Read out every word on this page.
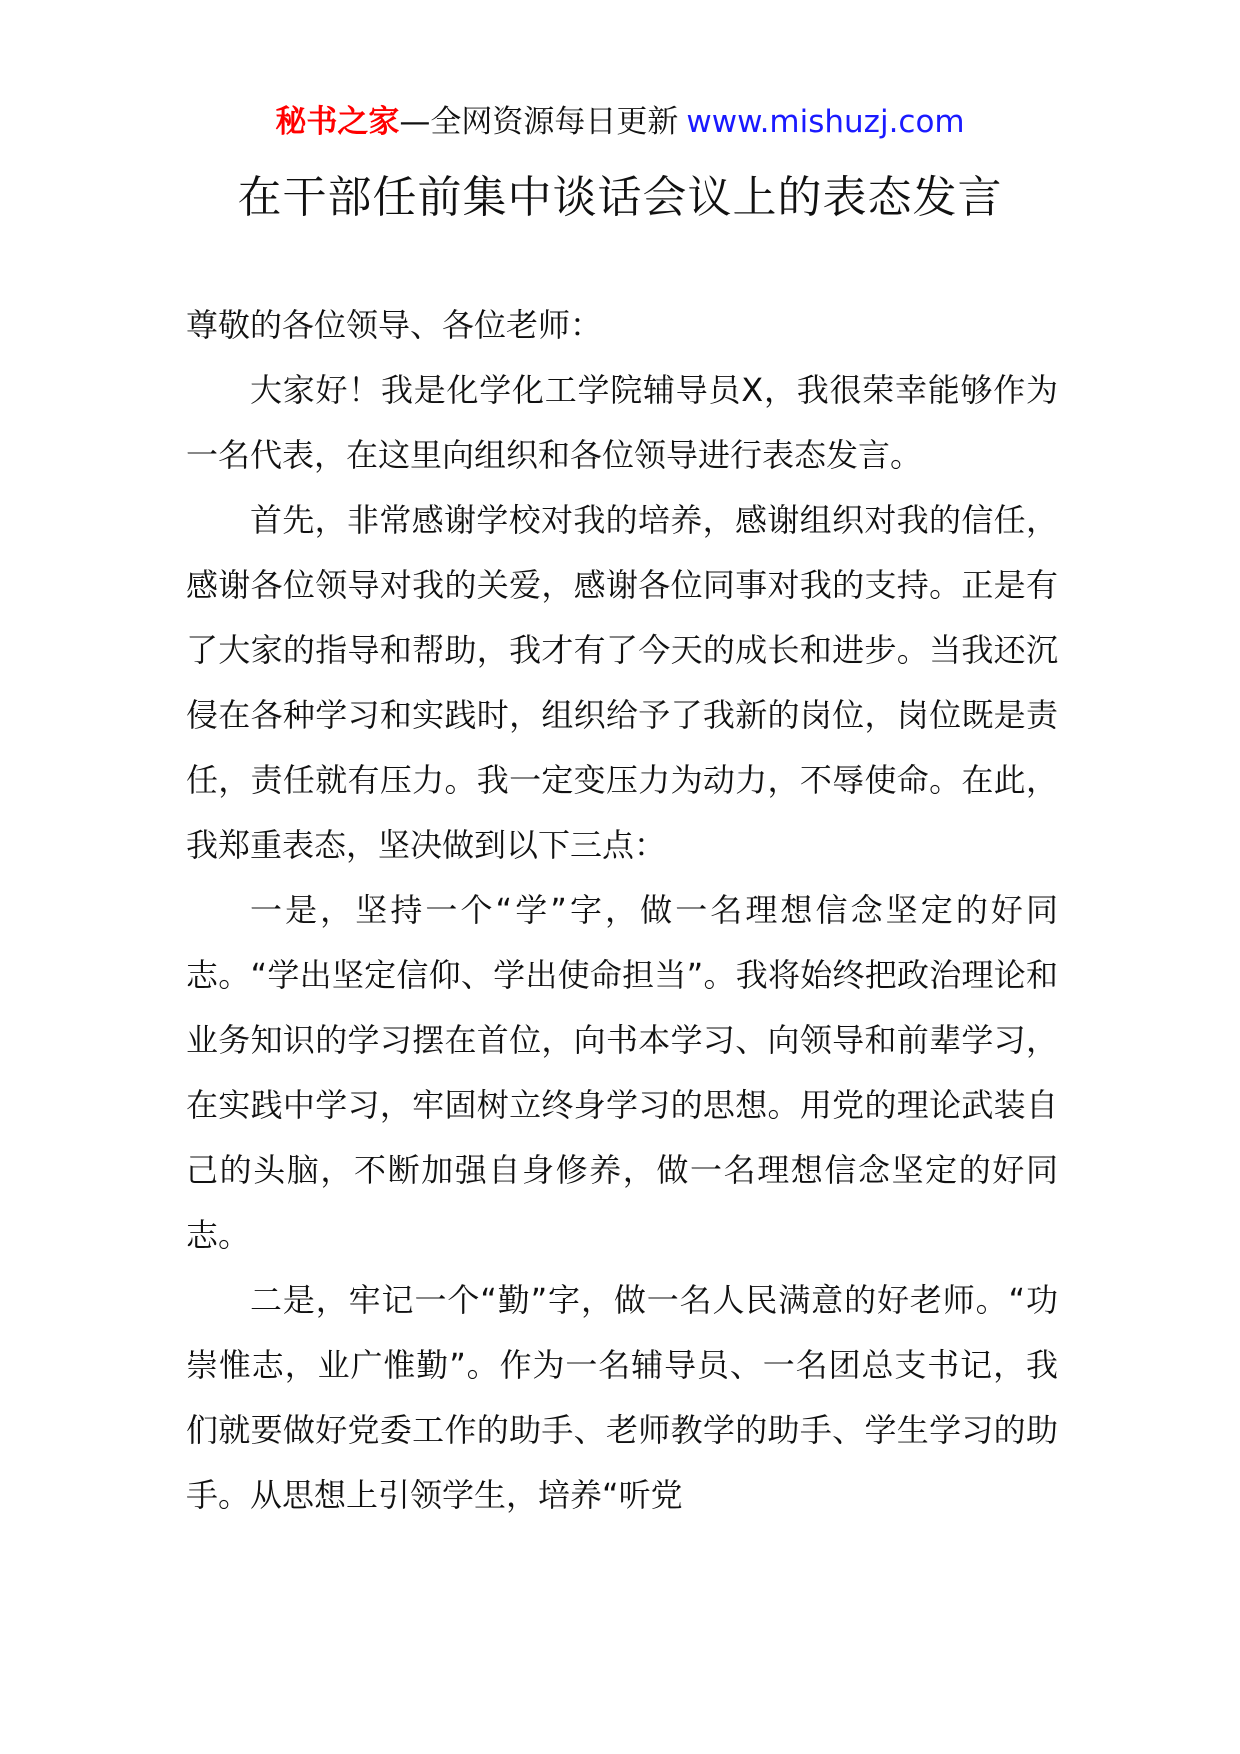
秘书之家—全网资源每日更新 www.mishuzj.com
在干部任前集中谈话会议上的表态发言

尊敬的各位领导、各位老师：

大家好！我是化学化工学院辅导员X，我很荣幸能够作为一名代表，在这里向组织和各位领导进行表态发言。

首先，非常感谢学校对我的培养，感谢组织对我的信任，感谢各位领导对我的关爱，感谢各位同事对我的支持。正是有了大家的指导和帮助，我才有了今天的成长和进步。当我还沉侵在各种学习和实践时，组织给予了我新的岗位，岗位既是责任，责任就有压力。我一定变压力为动力，不辱使命。在此，我郑重表态，坚决做到以下三点：

一是，坚持一个“学”字，做一名理想信念坚定的好同志。“学出坚定信仰、学出使命担当”。我将始终把政治理论和业务知识的学习摆在首位，向书本学习、向领导和前辈学习，在实践中学习，牢固树立终身学习的思想。用党的理论武装自己的头脑，不断加强自身修养，做一名理想信念坚定的好同志。

二是，牢记一个“勤”字，做一名人民满意的好老师。“功崇惟志，业广惟勤”。作为一名辅导员、一名团总支书记，我们就要做好党委工作的助手、老师教学的助手、学生学习的助手。从思想上引领学生，培养“听党
